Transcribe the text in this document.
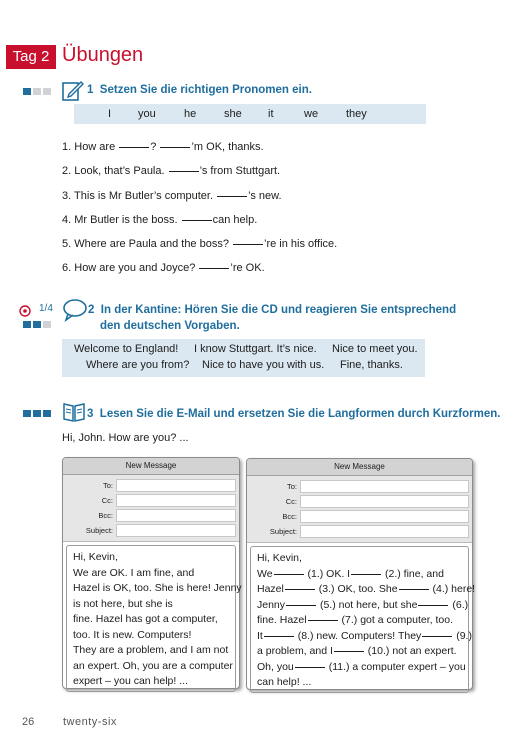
Tag 2 Übungen
1 Setzen Sie die richtigen Pronomen ein.
I you	he	she it	we	they
1. How are	?	’m OK, thanks.
2. Look, that’s Paula.	’s from Stuttgart.
3. This is Mr Butler’s computer.	’s new.
4. Mr Butler is the boss.	can help.
5. Where are Paula and the boss?	’re in his office.
6. How are you and Joyce?	’re OK.
1/4	2 In der Kantine: Hören Sie die CD und reagieren Sie entsprechend
den deutschen Vorgaben.
Welcome to England! I know Stuttgart. It’s nice. Nice to meet you.
Where are you from? Nice to have you with us. Fine, thanks.
3 Lesen Sie die E-Mail und ersetzen Sie die Langformen durch Kurzformen.
Hi, John. How are you? ...
New Message
To:
Cc:
Bcc:
Subject:
Hi, Kevin,
We are OK. I am fine, and
Hazel is OK, too. She is here! Jenny
is not here, but she is
fine. Hazel has got a computer,
too. It is new. Computers!
They are a problem, and I am not
an expert. Oh, you are a computer
expert – you can help! ...
New Message
To:
Cc:
Bcc:
Subject:
Hi, Kevin,
We	(1.) OK. I	(2.) fine, and
Hazel	(3.) OK, too. She	(4.) here!
Jenny	(5.) not here, but she	(6.)
fine. Hazel	(7.) got a computer, too.
It	(8.) new. Computers! They	(9.)
a problem, and I	(10.) not an expert.
Oh, you	(11.) a computer expert – you
can help! ...
26	twenty-six
